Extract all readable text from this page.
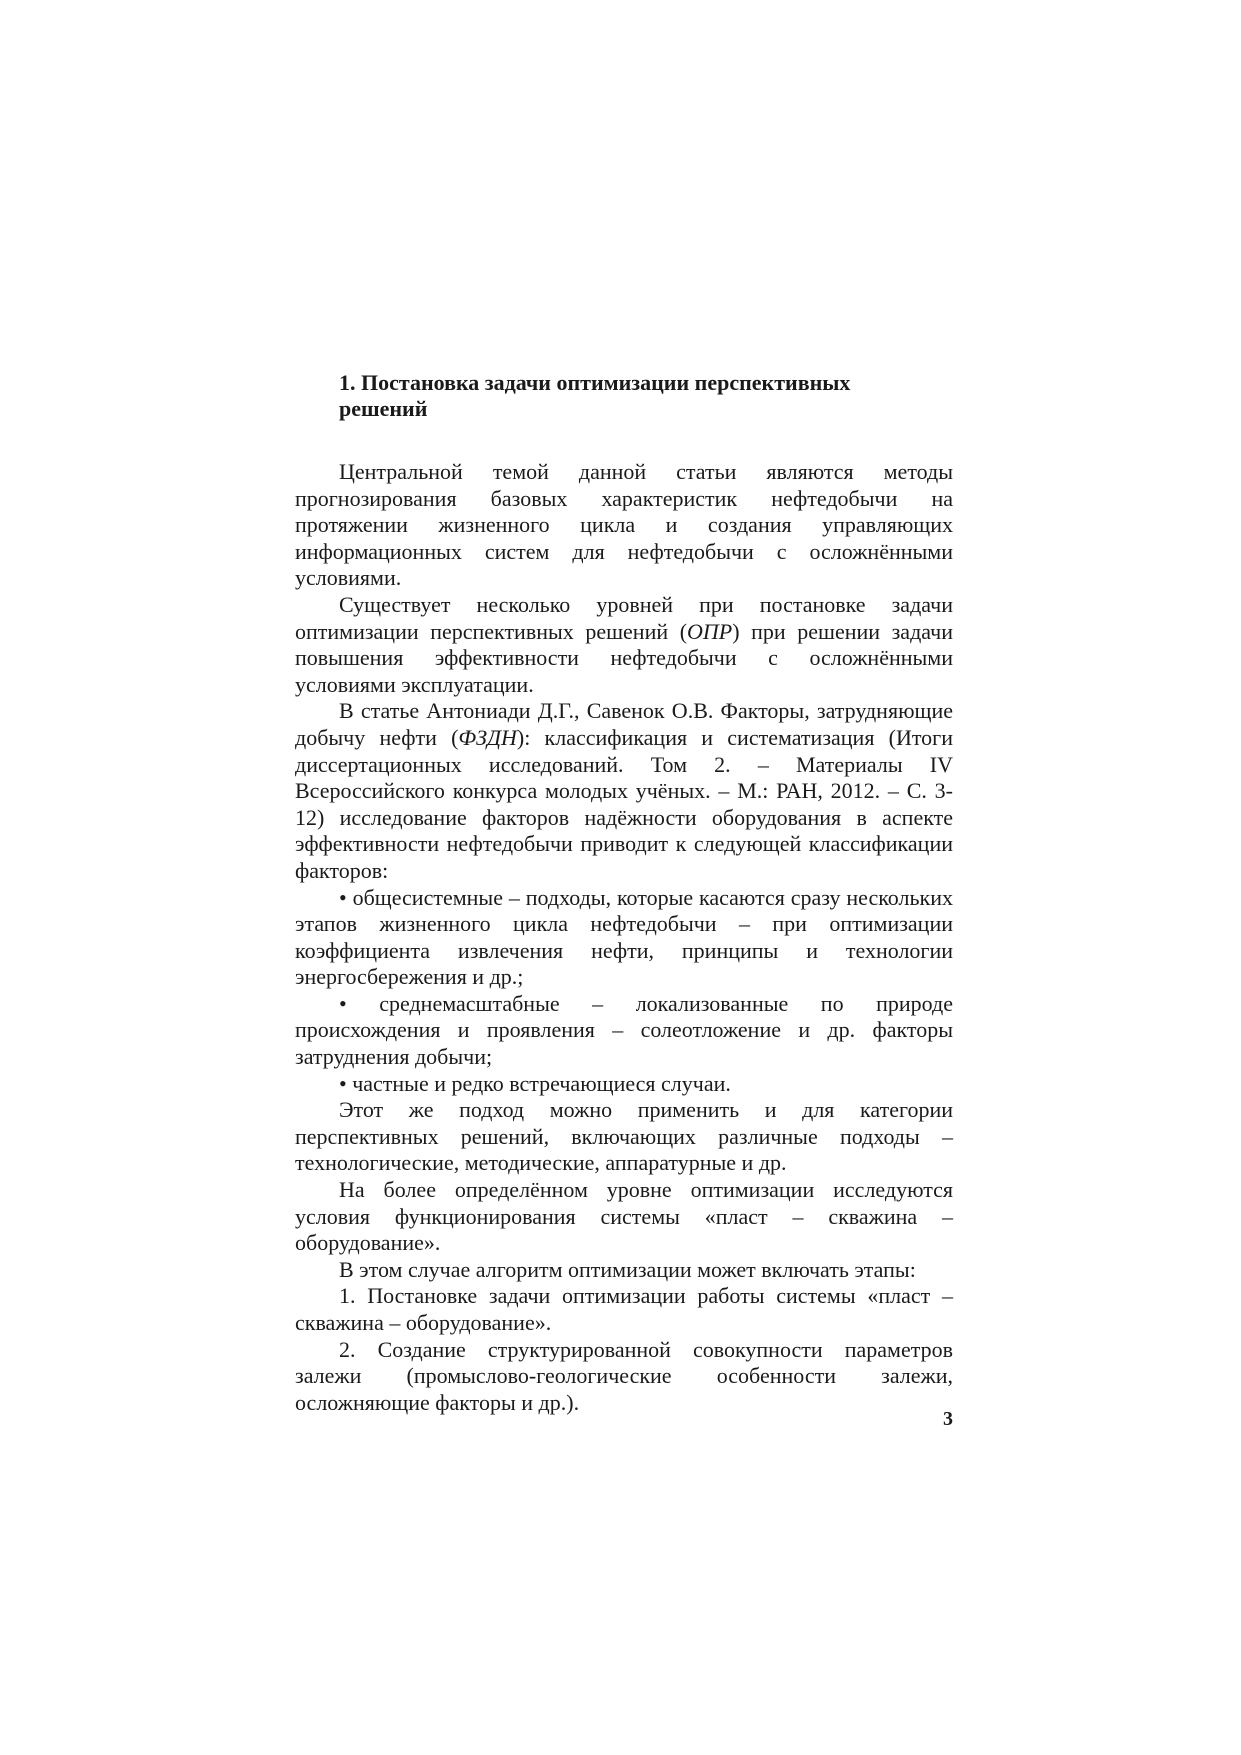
1. Постановка задачи оптимизации перспективных
решений

Центральной темой данной статьи являются методы прогнозирования базовых характеристик нефтедобычи на протяжении жизненного цикла и создания управляющих информационных систем для нефтедобычи с осложнёнными условиями.

Существует несколько уровней при постановке задачи оптимизации перспективных решений (ОПР) при решении задачи повышения эффективности нефтедобычи с осложнёнными условиями эксплуатации.

В статье Антониади Д.Г., Савенок О.В. Факторы, затрудняющие добычу нефти (ФЗДН): классификация и систематизация (Итоги диссертационных исследований. Том 2. – Материалы IV Всероссийского конкурса молодых учёных. – М.: РАН, 2012. – С. 3-12) исследование факторов надёжности оборудования в аспекте эффективности нефтедобычи приводит к следующей классификации факторов:

• общесистемные – подходы, которые касаются сразу нескольких этапов жизненного цикла нефтедобычи – при оптимизации коэффициента извлечения нефти, принципы и технологии энергосбережения и др.;

• среднемасштабные – локализованные по природе происхождения и проявления – солеотложение и др. факторы затруднения добычи;

• частные и редко встречающиеся случаи.

Этот же подход можно применить и для категории перспективных решений, включающих различные подходы – технологические, методические, аппаратурные и др.

На более определённом уровне оптимизации исследуются условия функционирования системы «пласт – скважина – оборудование».

В этом случае алгоритм оптимизации может включать этапы:

1. Постановке задачи оптимизации работы системы «пласт – скважина – оборудование».

2. Создание структурированной совокупности параметров залежи (промыслово-геологические особенности залежи, осложняющие факторы и др.).

3
